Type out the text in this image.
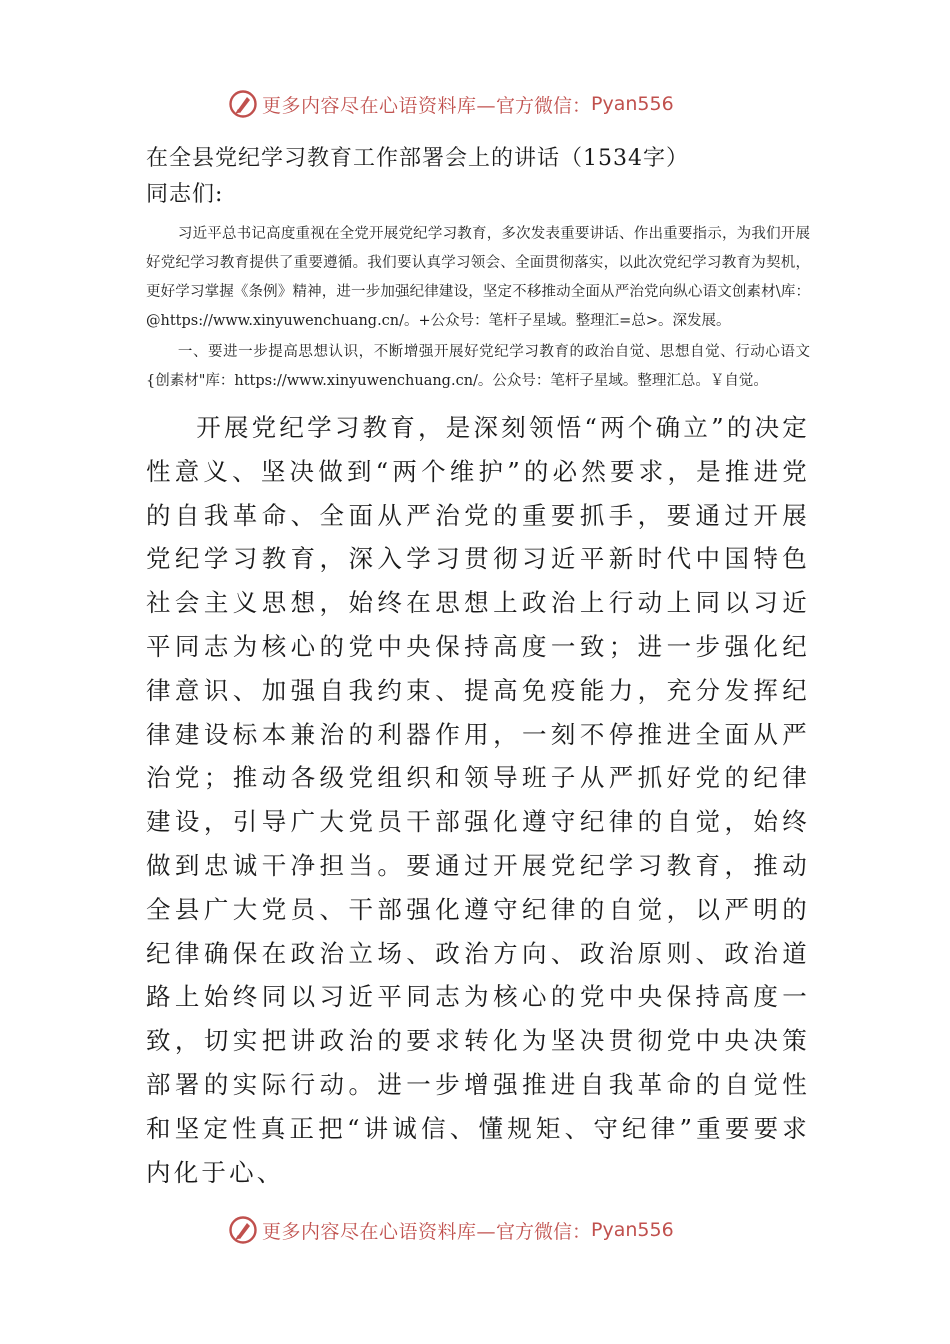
更多内容尽在心语资料库— 官方微信： Pyan556
在全县党纪学习教育工作部署会上的讲话（1534字）

同志们:

习近平总书记高度重视在全党开展党纪学习教育，多次发表重要讲话、作出重要指示，为我们开展好党纪学习教育提供了重要遵循。我们要认真学习领会、全面贯彻落实，以此次党纪学习教育为契机，更好学习掌握《条例》精神，进一步加强纪律建设，坚定不移推动全面从严治党向纵心语文创素材\库：@https://www.xinyuwenchuang.cn/。+公众号：笔杆子星域。整理汇=总>。深发展。

一、要进一步提高思想认识，不断增强开展好党纪学习教育的政治自觉、思想自觉、行动心语文{创素材"库：https://www.xinyuwenchuang.cn/。公众号：笔杆子星域。整理汇总。￥自觉。

开展党纪学习教育，是深刻领悟“两个确立”的决定性意义、坚决做到“两个维护”的必然要求，是推进党的自我革命、全面从严治党的重要抓手，要通过开展党纪学习教育，深入学习贯彻习近平新时代中国特色社会主义思想，始终在思想上政治上行动上同以习近平同志为核心的党中央保持高度一致；进一步强化纪律意识、加强自我约束、提高免疫能力，充分发挥纪律建设标本兼治的利器作用，一刻不停推进全面从严治党；推动各级党组织和领导班子从严抓好党的纪律建设，引导广大党员干部强化遵守纪律的自觉，始终做到忠诚干净担当。要通过开展党纪学习教育，推动全县广大党员、干部强化遵守纪律的自觉，以严明的纪律确保在政治立场、政治方向、政治原则、政治道路上始终同以习近平同志为核心的党中央保持高度一致，切实把讲政治的要求转化为坚决贯彻党中央决策部署的实际行动。进一步增强推进自我革命的自觉性和坚定性真正把“讲诚信、懂规矩、守纪律”重要要求内化于心、

更多内容尽在心语资料库— 官方微信： Pyan556
